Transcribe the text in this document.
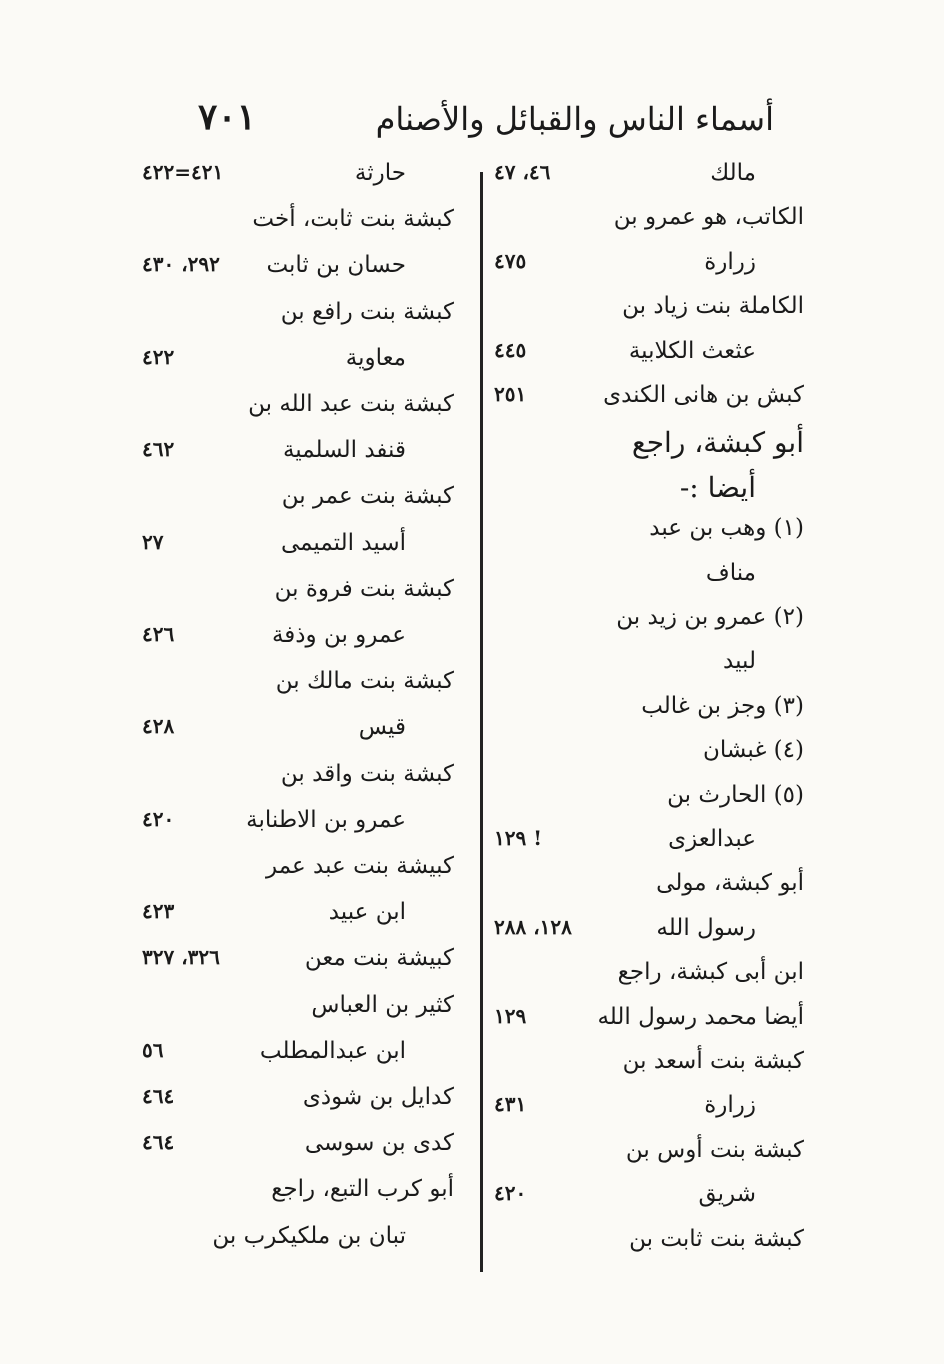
أسماء الناس والقبائل والأصنام
٧٠١
مالك
٤٦، ٤٧
الكاتب، هو عمرو بن
زرارة
٤٧٥
الكاملة بنت زياد بن
عثعث الكلابية
٤٤٥
كبش بن هانى الكندى
٢٥١
أبو كبشة، راجع
أيضا :-
(١) وهب بن عبد
مناف
(٢) عمرو بن زيد بن
لبيد
(٣) وجز بن غالب
(٤) غبشان
(٥) الحارث بن
عبدالعزى
١٢٩ !
أبو كبشة، مولى
رسول الله
١٢٨، ٢٨٨
ابن أبى كبشة، راجع
أيضا محمد رسول الله
١٢٩
كبشة بنت أسعد بن
زرارة
٤٣١
كبشة بنت أوس بن
شريق
٤٢٠
كبشة بنت ثابت بن
حارثة
٤٢١=٤٢٢
كبشة بنت ثابت، أخت
حسان بن ثابت
٢٩٢، ٤٣٠
كبشة بنت رافع بن
معاوية
٤٢٢
كبشة بنت عبد الله بن
قنفد السلمية
٤٦٢
كبشة بنت عمر بن
أسيد التميمى
٢٧
كبشة بنت فروة بن
عمرو بن وذفة
٤٢٦
كبشة بنت مالك بن
قيس
٤٢٨
كبشة بنت واقد بن
عمرو بن الاطنابة
٤٢٠
كبيشة بنت عبد عمر
ابن عبيد
٤٢٣
كبيشة بنت معن
٣٢٦، ٣٢٧
كثير بن العباس
ابن عبدالمطلب
٥٦
كدايل بن شوذى
٤٦٤
كدى بن سوسى
٤٦٤
أبو كرب التبع، راجع
تبان بن ملكيكرب بن
